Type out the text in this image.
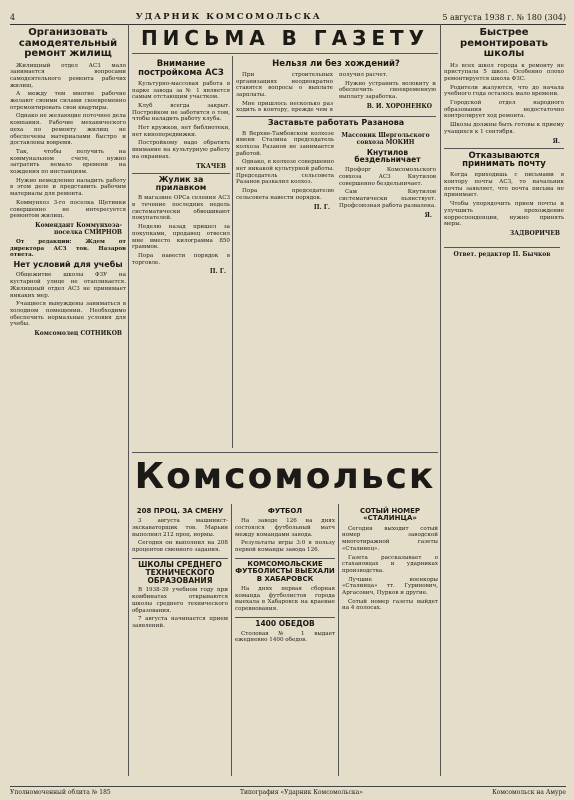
4	УДАРНИК КОМСОМОЛЬСКА	5 августа 1938 г. № 180 (304)
Организовать самодеятельный ремонт жилищ

Жилищный отдел АСЗ мало занимается вопросами самодеятельного ремонта рабочих жилищ.

А между тем многие рабочие желают своими силами своевременно отремонтировать свои квартиры.

Однако не желающие поточнее дела компания. Рабочие механического цеха по ремонту жилищ не обеспечены материалами быстро и доставлены вовремя.

Так, чтобы получить на коммунальном счете, нужно затратить немало времени на хождения по инстанциям.

Нужно немедленно наладить работу в этом деле и представить рабочим материалы для ремонта.

Коммунхоз 3-го поселка Щетинки совершенно не интересуется ремонтом жилищ.

Комендант Коммунхоза-поселка СМИРНОВ

От редакции: Ждем от директора АСЗ тов. Назаров ответа.

Нет условий для учебы

Общежитие школы ФЗУ на кустарной улице не отапливается. Жилищный отдел АСЗ не принимает никаких мер.

Учащиеся вынуждены заниматься в холодном помещении. Необходимо обеспечить нормальные условия для учебы.

Комсомолец СОТНИКОВ
ПИСЬМА В ГАЗЕТУ
Внимание постройкома АСЗ

Культурно-массовая работа в парке завода за № 1 является самым отстающим участком.

Клуб всегда закрыт. Постройком не заботится о том, чтобы наладить работу клуба.

Нет кружков, нет библиотеки, нет кинопередвижки.

Постройкому надо обратить внимание на культурную работу на окраинах.

ТКАЧЕВ
Жулик за прилавком

В магазине ОРСа селения АСЗ в течение последних недель систематически обвешивают покупателей.

Неделю назад пришел за покупками, продавец отвесил мне вместо килограмма 850 граммов.

Пора навести порядок в торговле.

П. Г.
Нельзя ли без хождений?

При строительных организациях неоднократно ставятся вопросы о выплате зарплаты.

Мне пришлось несколько раз ходить в контору, прежде чем я получил расчет.

Нужно устранить волокиту и обеспечить своевременную выплату заработка.

В. И. ХОРОНЕНКО
Заставьте работать Разанова

В Верхне-Тамбовском колхозе имени Сталина председатель колхоза Разанов не занимается работой.

Однако, в колхозе совершенно нет никакой культурной работы. Председатель сельсовета Разанов развалил колхоз.

Пора председателю сельсовета навести порядок.

П. Г.
Массовик Шергольского совхоза МОКИН
Кнутилов бездельничает

Профорг Комсомольского совхоза АСЗ Кнутилов совершенно бездельничает.

Сам Кнутилов систематически пьянствует. Профсоюзная работа развалена.

Я.
Быстрее ремонтировать школы

Из всех школ города к ремонту не приступала 5 школ. Особенно плохо ремонтируется школа ФЗС.

Родители жалуются, что до начала учебного года осталось мало времени.

Городской отдел народного образования недостаточно контролирует ход ремонта.

Школы должны быть готовы к приему учащихся к 1 сентября.

Я.
Отказываются принимать почту

Когда приходишь с письмами в контору почты АСЗ, то начальник почты заявляет, что почта письма не принимает.

Чтобы упорядочить прием почты и улучшить прохождение корреспонденции, нужно принять меры.

ЗАДВОРИЧЕВ
Ответ. редактор П. Бычков
Комсомольск
208 ПРОЦ. ЗА СМЕНУ

3 августа машинист-экскаваторщик тов. Марьин выполнил 212 проц. нормы.

Сегодня он выполнил на 208 процентов сменного задания.

ШКОЛЫ СРЕДНЕГО ТЕХНИЧЕСКОГО ОБРАЗОВАНИЯ

В 1938-39 учебном году при комбинатах открываются школы среднего технического образования.

7 августа начинается прием заявлений.

ФУТБОЛ

На заводе 126 на днях состоялся футбольный матч между командами завода.

Результаты игры 3:0 в пользу первой команды завода 126.

КОМСОМОЛЬСКИЕ ФУТБОЛИСТЫ ВЫЕХАЛИ В ХАБАРОВСК

На днях первая сборная команда футболистов города выехала в Хабаровск на краевые соревнования.

1400 ОБЕДОВ

Столовая № 1 выдает ежедневно 1400 обедов.

СОТЫЙ НОМЕР «СТАЛИНЦА»

Сегодня выходит сотый номер заводской многотиражной газеты «Сталинец».

Газета рассказывает о стахановцах и ударниках производства.

Лучшие военкоры «Сталинца» тт. Гуринович, Аргасович, Пурков и другие.

Сотый номер газеты выйдет на 4 полосах.

Уполномоченный облита № 185	Типография «Ударник Комсомольска»	Комсомольск на Амуре
